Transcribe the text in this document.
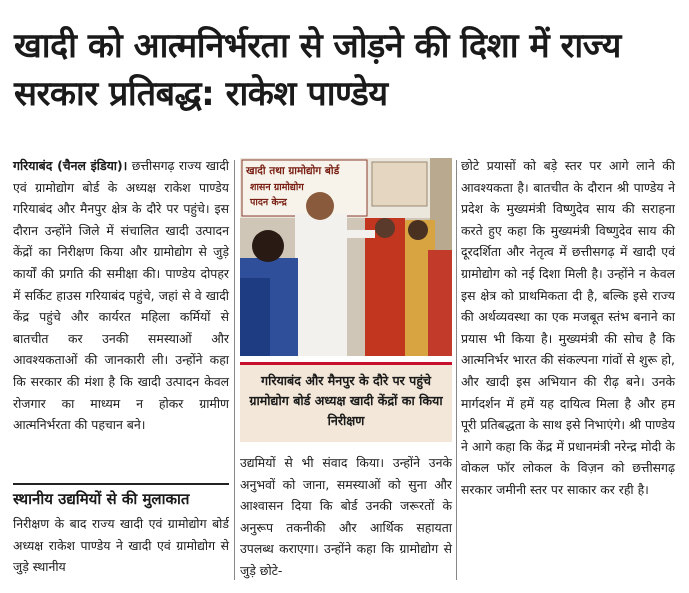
खादी को आत्मनिर्भरता से जोड़ने की दिशा में राज्य सरकार प्रतिबद्ध: राकेश पाण्डेय

गरियाबंद (चैनल इंडिया)। छत्तीसगढ़ राज्य खादी एवं ग्रामोद्योग बोर्ड के अध्यक्ष राकेश पाण्डेय गरियाबंद और मैनपुर क्षेत्र के दौरे पर पहुंचे। इस दौरान उन्होंने जिले में संचालित खादी उत्पादन केंद्रों का निरीक्षण किया और ग्रामोद्योग से जुड़े कार्यों की प्रगति की समीक्षा की। पाण्डेय दोपहर में सर्किट हाउस गरियाबंद पहुंचे, जहां से वे खादी केंद्र पहुंचे और कार्यरत महिला कर्मियों से बातचीत कर उनकी समस्याओं और आवश्यकताओं की जानकारी ली। उन्होंने कहा कि सरकार की मंशा है कि खादी उत्पादन केवल रोजगार का माध्यम न होकर ग्रामीण आत्मनिर्भरता की पहचान बने।

स्थानीय उद्यमियों से की मुलाकात

निरीक्षण के बाद राज्य खादी एवं ग्रामोद्योग बोर्ड अध्यक्ष राकेश पाण्डेय ने खादी एवं ग्रामोद्योग से जुड़े स्थानीय

खादी तथा ग्रामोद्योग बोर्ड
शासन ग्रामोद्योग
पादन केन्द्र
गरियाबंद और मैनपुर के दौरे पर पहुंचे ग्रामोद्योग बोर्ड अध्यक्ष खादी केंद्रों का किया निरीक्षण

उद्यमियों से भी संवाद किया। उन्होंने उनके अनुभवों को जाना, समस्याओं को सुना और आश्वासन दिया कि बोर्ड उनकी जरूरतों के अनुरूप तकनीकी और आर्थिक सहायता उपलब्ध कराएगा। उन्होंने कहा कि ग्रामोद्योग से जुड़े छोटे-

छोटे प्रयासों को बड़े स्तर पर आगे लाने की आवश्यकता है। बातचीत के दौरान श्री पाण्डेय ने प्रदेश के मुख्यमंत्री विष्णुदेव साय की सराहना करते हुए कहा कि मुख्यमंत्री विष्णुदेव साय की दूरदर्शिता और नेतृत्व में छत्तीसगढ़ में खादी एवं ग्रामोद्योग को नई दिशा मिली है। उन्होंने न केवल इस क्षेत्र को प्राथमिकता दी है, बल्कि इसे राज्य की अर्थव्यवस्था का एक मजबूत स्तंभ बनाने का प्रयास भी किया है। मुख्यमंत्री की सोच है कि आत्मनिर्भर भारत की संकल्पना गांवों से शुरू हो, और खादी इस अभियान की रीढ़ बने। उनके मार्गदर्शन में हमें यह दायित्व मिला है और हम पूरी प्रतिबद्धता के साथ इसे निभाएंगे। श्री पाण्डेय ने आगे कहा कि केंद्र में प्रधानमंत्री नरेन्द्र मोदी के वोकल फॉर लोकल के विज़न को छत्तीसगढ़ सरकार जमीनी स्तर पर साकार कर रही है।
